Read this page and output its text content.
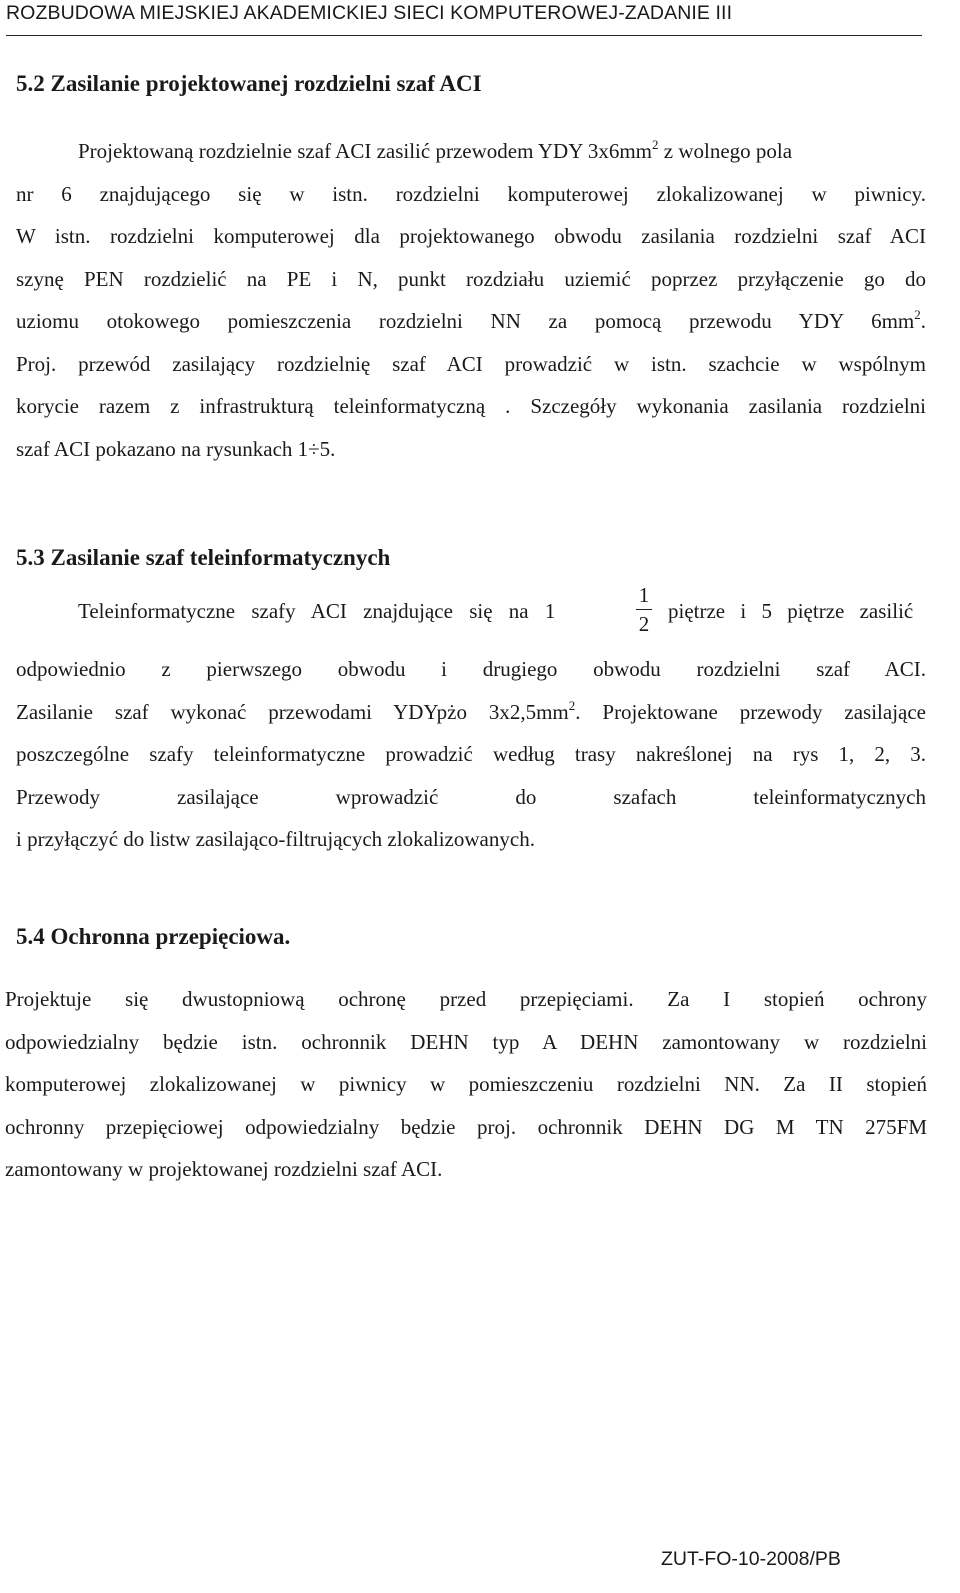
ROZBUDOWA MIEJSKIEJ AKADEMICKIEJ SIECI KOMPUTEROWEJ-ZADANIE III
5.2 Zasilanie projektowanej rozdzielni szaf ACI
Projektowaną rozdzielnie szaf ACI zasilić przewodem YDY $3x6mm^2$ z wolnego pola
nr 6 znajdującego się w istn. rozdzielni komputerowej zlokalizowanej w piwnicy.
W istn. rozdzielni komputerowej dla projektowanego obwodu zasilania rozdzielni szaf ACI
szynę PEN rozdzielić na PE i N, punkt rozdziału uziemić poprzez przyłączenie go do
uziomu otokowego pomieszczenia rozdzielni NN za pomocą przewodu YDY $6mm^2$.
Proj. przewód zasilający rozdzielnię szaf ACI prowadzić w istn. szachcie w wspólnym
korycie razem z infrastrukturą teleinformatyczną . Szczegóły wykonania zasilania rozdzielni
szaf ACI pokazano na rysunkach 1÷5.
5.3 Zasilanie szaf teleinformatycznych
Teleinformatyczne szafy ACI znajdujące się na 1
1
2
piętrze i 5 piętrze zasilić
odpowiednio z pierwszego obwodu i drugiego obwodu rozdzielni szaf ACI.
Zasilanie szaf wykonać przewodami YDYpżo $3x2,5mm^2$. Projektowane przewody zasilające
poszczególne szafy teleinformatyczne prowadzić według trasy nakreślonej na rys 1, 2, 3.
Przewody zasilające wprowadzić do szafach teleinformatycznych
i przyłączyć do listw zasilająco-filtrujących zlokalizowanych.
5.4 Ochronna przepięciowa.
Projektuje się dwustopniową ochronę przed przepięciami. Za I stopień ochrony
odpowiedzialny będzie istn. ochronnik DEHN typ A DEHN zamontowany w rozdzielni
komputerowej zlokalizowanej w piwnicy w pomieszczeniu rozdzielni NN. Za II stopień
ochronny przepięciowej odpowiedzialny będzie proj. ochronnik DEHN DG M TN 275FM
zamontowany w projektowanej rozdzielni szaf ACI.
ZUT-FO-10-2008/PB
